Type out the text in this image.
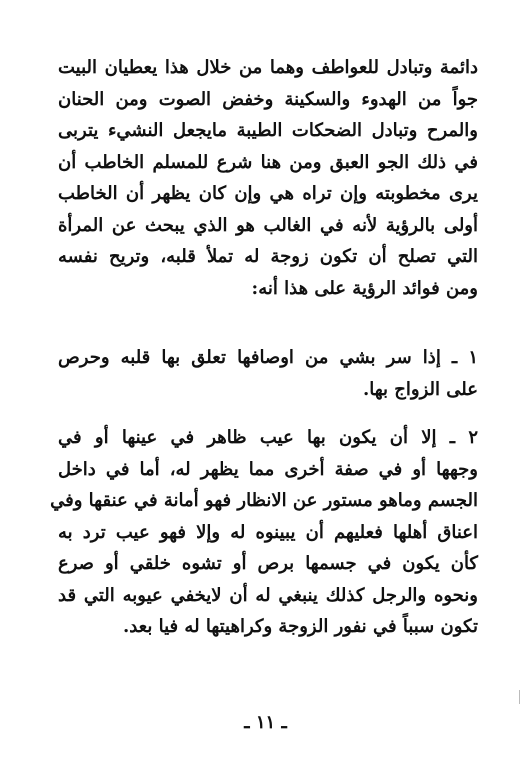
دائمة وتبادل للعواطف وهما من خلال هذا يعطيان البيت
جواً من الهدوء والسكينة وخفض الصوت ومن الحنان
والمرح وتبادل الضحكات الطيبة مايجعل النشيء يتربى
في ذلك الجو العبق ومن هنا شرع للمسلم الخاطب أن
يرى مخطوبته وإن تراه هي وإن كان يظهر أن الخاطب
أولى بالرؤية لأنه في الغالب هو الذي يبحث عن المرأة
التي تصلح أن تكون زوجة له تملأ قلبه، وتريح نفسه
ومن فوائد الرؤية على هذا أنه:
١ ـ إذا سر بشي من اوصافها تعلق بها قلبه وحرص
على الزواج بها.
٢ ـ إلا أن يكون بها عيب ظاهر في عينها أو في
وجهها أو في صفة أخرى مما يظهر له، أما في داخل
الجسم وماهو مستور عن الانظار فهو أمانة في عنقها وفي
اعناق أهلها فعليهم أن يبينوه له وإلا فهو عيب ترد به
كأن يكون في جسمها برص أو تشوه خلقي أو صرع
ونحوه والرجل كذلك ينبغي له أن لايخفي عيوبه التي قد
تكون سبباً في نفور الزوجة وكراهيتها له فيا بعد.
ـ ١١ ـ
